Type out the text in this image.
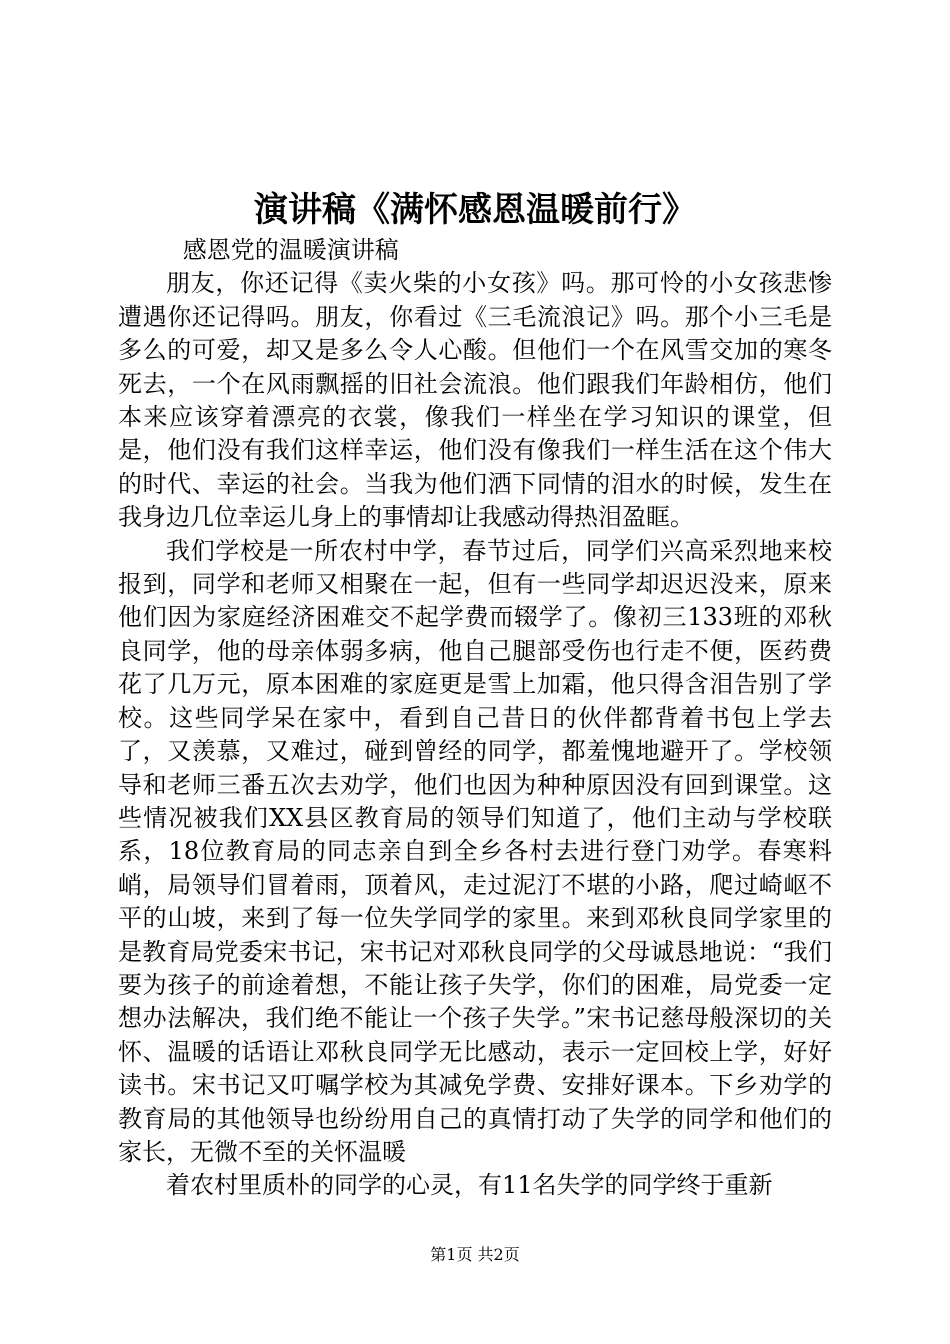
演讲稿《满怀感恩温暖前行》

感恩党的温暖演讲稿

朋友，你还记得《卖火柴的小女孩》吗。那可怜的小女孩悲惨遭遇你还记得吗。朋友，你看过《三毛流浪记》吗。那个小三毛是多么的可爱，却又是多么令人心酸。但他们一个在风雪交加的寒冬死去，一个在风雨飘摇的旧社会流浪。他们跟我们年龄相仿，他们本来应该穿着漂亮的衣裳，像我们一样坐在学习知识的课堂，但是，他们没有我们这样幸运，他们没有像我们一样生活在这个伟大的时代、幸运的社会。当我为他们洒下同情的泪水的时候，发生在我身边几位幸运儿身上的事情却让我感动得热泪盈眶。

我们学校是一所农村中学，春节过后，同学们兴高采烈地来校报到，同学和老师又相聚在一起，但有一些同学却迟迟没来，原来他们因为家庭经济困难交不起学费而辍学了。像初三133班的邓秋良同学，他的母亲体弱多病，他自己腿部受伤也行走不便，医药费花了几万元，原本困难的家庭更是雪上加霜，他只得含泪告别了学校。这些同学呆在家中，看到自己昔日的伙伴都背着书包上学去了，又羡慕，又难过，碰到曾经的同学，都羞愧地避开了。学校领导和老师三番五次去劝学，他们也因为种种原因没有回到课堂。这些情况被我们XX县区教育局的领导们知道了，他们主动与学校联系，18位教育局的同志亲自到全乡各村去进行登门劝学。春寒料峭，局领导们冒着雨，顶着风，走过泥汀不堪的小路，爬过崎岖不平的山坡，来到了每一位失学同学的家里。来到邓秋良同学家里的是教育局党委宋书记，宋书记对邓秋良同学的父母诚恳地说：“我们要为孩子的前途着想，不能让孩子失学，你们的困难，局党委一定想办法解决，我们绝不能让一个孩子失学。”宋书记慈母般深切的关怀、温暖的话语让邓秋良同学无比感动，表示一定回校上学，好好读书。宋书记又叮嘱学校为其减免学费、安排好课本。下乡劝学的教育局的其他领导也纷纷用自己的真情打动了失学的同学和他们的家长，无微不至的关怀温暖

着农村里质朴的同学的心灵，有11名失学的同学终于重新

第1页 共2页
